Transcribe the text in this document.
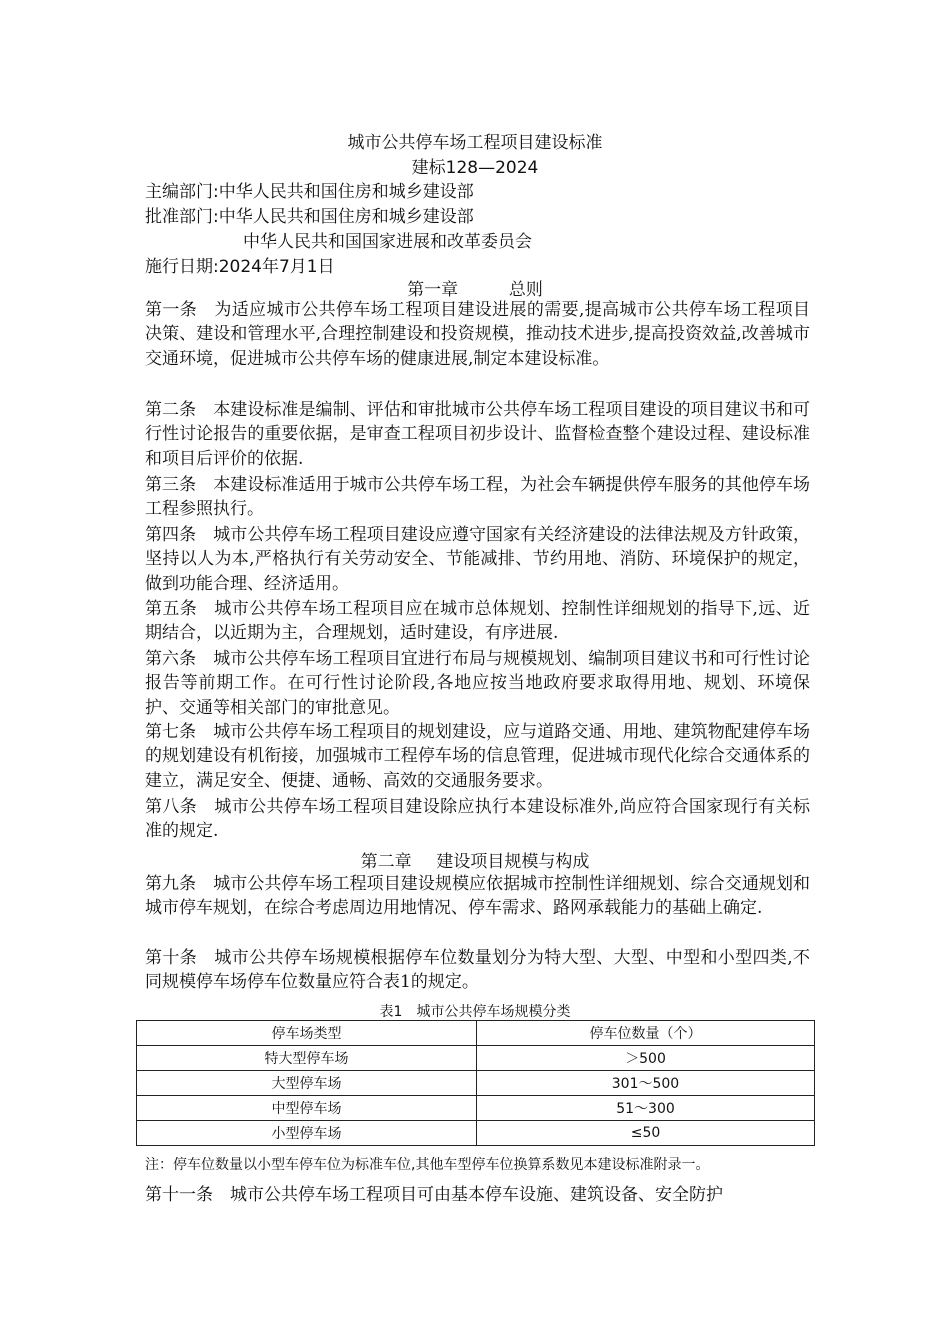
城市公共停车场工程项目建设标准
建标128—2024
主编部门:中华人民共和国住房和城乡建设部
批准部门:中华人民共和国住房和城乡建设部
中华人民共和国国家进展和改革委员会
施行日期:2024年7月1日
第一章	总则

第一条　为适应城市公共停车场工程项目建设进展的需要,提高城市公共停车场工程项目决策、建设和管理水平,合理控制建设和投资规模，推动技术进步,提高投资效益,改善城市交通环境，促进城市公共停车场的健康进展,制定本建设标准。

第二条　本建设标准是编制、评估和审批城市公共停车场工程项目建设的项目建议书和可行性讨论报告的重要依据，是审查工程项目初步设计、监督检查整个建设过程、建设标准和项目后评价的依据.

第三条　本建设标准适用于城市公共停车场工程，为社会车辆提供停车服务的其他停车场工程参照执行。

第四条　城市公共停车场工程项目建设应遵守国家有关经济建设的法律法规及方针政策，坚持以人为本,严格执行有关劳动安全、节能减排、节约用地、消防、环境保护的规定，做到功能合理、经济适用。

第五条　城市公共停车场工程项目应在城市总体规划、控制性详细规划的指导下,远、近期结合，以近期为主，合理规划，适时建设，有序进展.

第六条　城市公共停车场工程项目宜进行布局与规模规划、编制项目建议书和可行性讨论报告等前期工作。在可行性讨论阶段,各地应按当地政府要求取得用地、规划、环境保护、交通等相关部门的审批意见。

第七条　城市公共停车场工程项目的规划建设，应与道路交通、用地、建筑物配建停车场的规划建设有机衔接，加强城市工程停车场的信息管理，促进城市现代化综合交通体系的建立，满足安全、便捷、通畅、高效的交通服务要求。

第八条　城市公共停车场工程项目建设除应执行本建设标准外,尚应符合国家现行有关标准的规定.

第二章 建设项目规模与构成

第九条　城市公共停车场工程项目建设规模应依据城市控制性详细规划、综合交通规划和城市停车规划，在综合考虑周边用地情况、停车需求、路网承载能力的基础上确定.

第十条　城市公共停车场规模根据停车位数量划分为特大型、大型、中型和小型四类,不同规模停车场停车位数量应符合表1的规定。

表1　城市公共停车场规模分类
停车场类型	停车位数量（个）
特大型停车场	＞500
大型停车场	301～500
中型停车场	51～300
小型停车场	≤50
注：停车位数量以小型车停车位为标准车位,其他车型停车位换算系数见本建设标准附录一。
第十一条　城市公共停车场工程项目可由基本停车设施、建筑设备、安全防护
